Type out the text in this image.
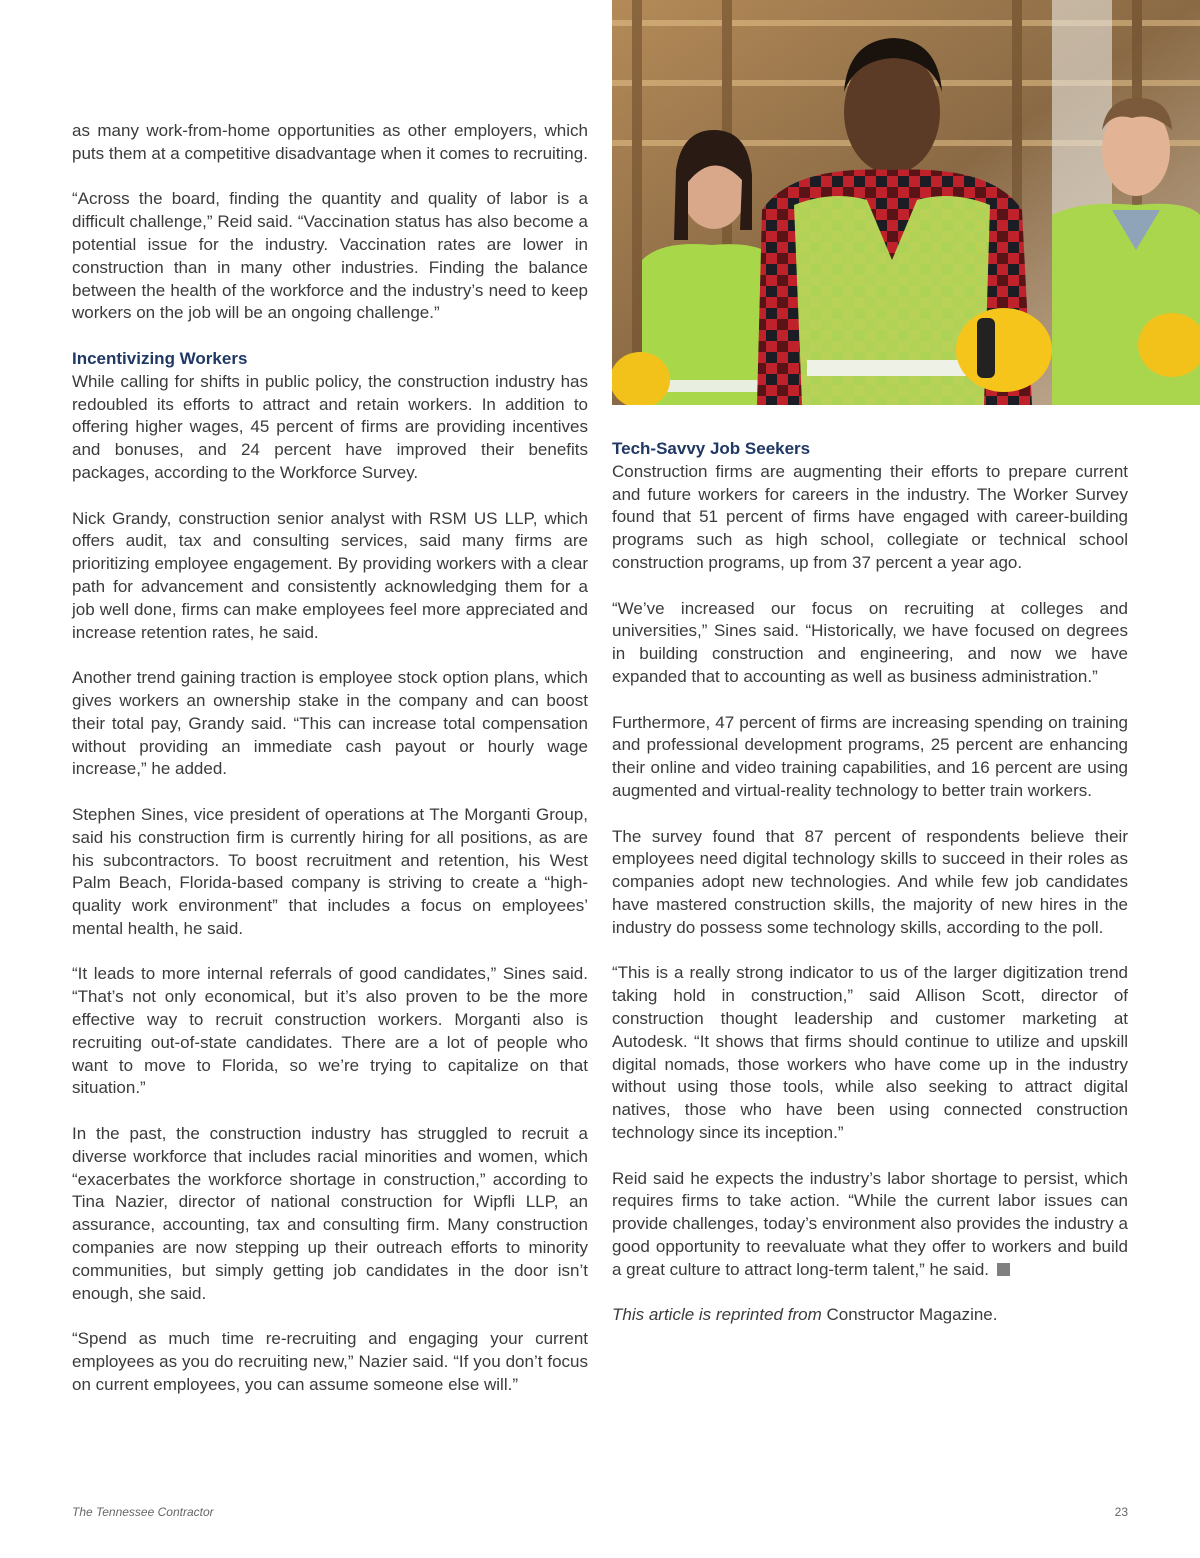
as many work-from-home opportunities as other employers, which puts them at a competitive disadvantage when it comes to recruiting.

“Across the board, finding the quantity and quality of labor is a difficult challenge,” Reid said. “Vaccination status has also become a potential issue for the industry. Vaccination rates are lower in construction than in many other industries. Finding the balance between the health of the workforce and the industry’s need to keep workers on the job will be an ongoing challenge.”

Incentivizing Workers

While calling for shifts in public policy, the construction industry has redoubled its efforts to attract and retain workers. In addition to offering higher wages, 45 percent of firms are providing incentives and bonuses, and 24 percent have improved their benefits packages, according to the Workforce Survey.

Nick Grandy, construction senior analyst with RSM US LLP, which offers audit, tax and consulting services, said many firms are prioritizing employee engagement. By providing workers with a clear path for advancement and consistently acknowledging them for a job well done, firms can make employees feel more appreciated and increase retention rates, he said.

Another trend gaining traction is employee stock option plans, which gives workers an ownership stake in the company and can boost their total pay, Grandy said. “This can increase total compensation without providing an immediate cash payout or hourly wage increase,” he added.

Stephen Sines, vice president of operations at The Morganti Group, said his construction firm is currently hiring for all positions, as are his subcontractors. To boost recruitment and retention, his West Palm Beach, Florida-based company is striving to create a “high-quality work environment” that includes a focus on employees’ mental health, he said.

“It leads to more internal referrals of good candidates,” Sines said. “That’s not only economical, but it’s also proven to be the more effective way to recruit construction workers. Morganti also is recruiting out-of-state candidates. There are a lot of people who want to move to Florida, so we’re trying to capitalize on that situation.”

In the past, the construction industry has struggled to recruit a diverse workforce that includes racial minorities and women, which “exacerbates the workforce shortage in construction,” according to Tina Nazier, director of national construction for Wipfli LLP, an assurance, accounting, tax and consulting firm. Many construction companies are now stepping up their outreach efforts to minority communities, but simply getting job candidates in the door isn’t enough, she said.

“Spend as much time re-recruiting and engaging your current employees as you do recruiting new,” Nazier said. “If you don’t focus on current employees, you can assume someone else will.”

Tech-Savvy Job Seekers

Construction firms are augmenting their efforts to prepare current and future workers for careers in the industry. The Worker Survey found that 51 percent of firms have engaged with career-building programs such as high school, collegiate or technical school construction programs, up from 37 percent a year ago.

“We’ve increased our focus on recruiting at colleges and universities,” Sines said. “Historically, we have focused on degrees in building construction and engineering, and now we have expanded that to accounting as well as business administration.”

Furthermore, 47 percent of firms are increasing spending on training and professional development programs, 25 percent are enhancing their online and video training capabilities, and 16 percent are using augmented and virtual-reality technology to better train workers.

The survey found that 87 percent of respondents believe their employees need digital technology skills to succeed in their roles as companies adopt new technologies. And while few job candidates have mastered construction skills, the majority of new hires in the industry do possess some technology skills, according to the poll.

“This is a really strong indicator to us of the larger digitization trend taking hold in construction,” said Allison Scott, director of construction thought leadership and customer marketing at Autodesk. “It shows that firms should continue to utilize and upskill digital nomads, those workers who have come up in the industry without using those tools, while also seeking to attract digital natives, those who have been using connected construction technology since its inception.”

Reid said he expects the industry’s labor shortage to persist, which requires firms to take action. “While the current labor issues can provide challenges, today’s environment also provides the industry a good opportunity to reevaluate what they offer to workers and build a great culture to attract long-term talent,” he said.

This article is reprinted from Constructor Magazine.

The Tennessee Contractor	23
